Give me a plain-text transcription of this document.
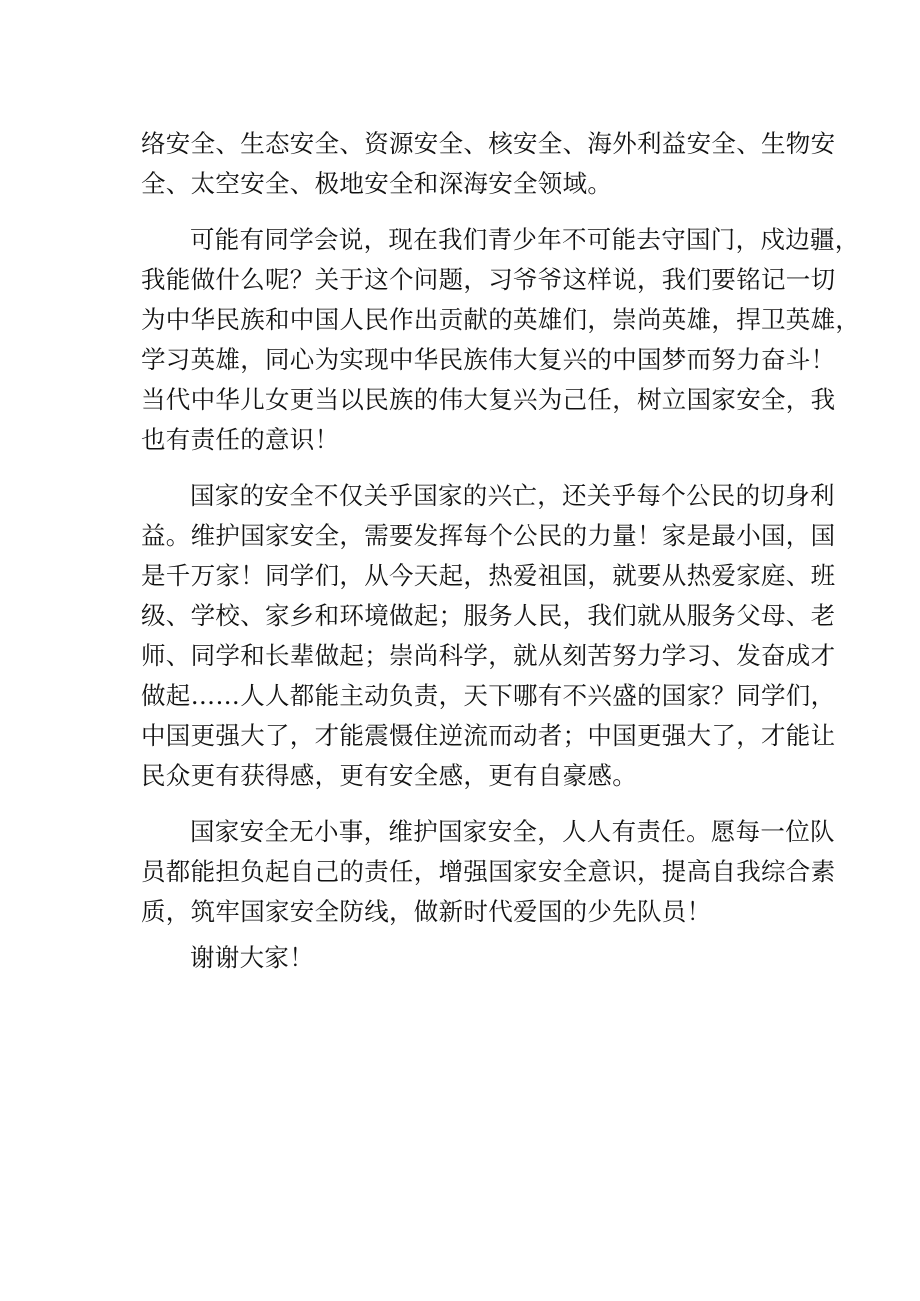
络安全、生态安全、资源安全、核安全、海外利益安全、生物安
全、太空安全、极地安全和深海安全领域。
可能有同学会说，现在我们青少年不可能去守国门，戍边疆，
我能做什么呢？关于这个问题，习爷爷这样说，我们要铭记一切
为中华民族和中国人民作出贡献的英雄们，崇尚英雄，捍卫英雄，
学习英雄，同心为实现中华民族伟大复兴的中国梦而努力奋斗！
当代中华儿女更当以民族的伟大复兴为己任，树立国家安全，我
也有责任的意识！
国家的安全不仅关乎国家的兴亡，还关乎每个公民的切身利
益。维护国家安全，需要发挥每个公民的力量！家是最小国，国
是千万家！同学们，从今天起，热爱祖国，就要从热爱家庭、班
级、学校、家乡和环境做起；服务人民，我们就从服务父母、老
师、同学和长辈做起；崇尚科学，就从刻苦努力学习、发奋成才
做起……人人都能主动负责，天下哪有不兴盛的国家？同学们，
中国更强大了，才能震慑住逆流而动者；中国更强大了，才能让
民众更有获得感，更有安全感，更有自豪感。
国家安全无小事，维护国家安全，人人有责任。愿每一位队
员都能担负起自己的责任，增强国家安全意识，提高自我综合素
质，筑牢国家安全防线，做新时代爱国的少先队员！
谢谢大家！
